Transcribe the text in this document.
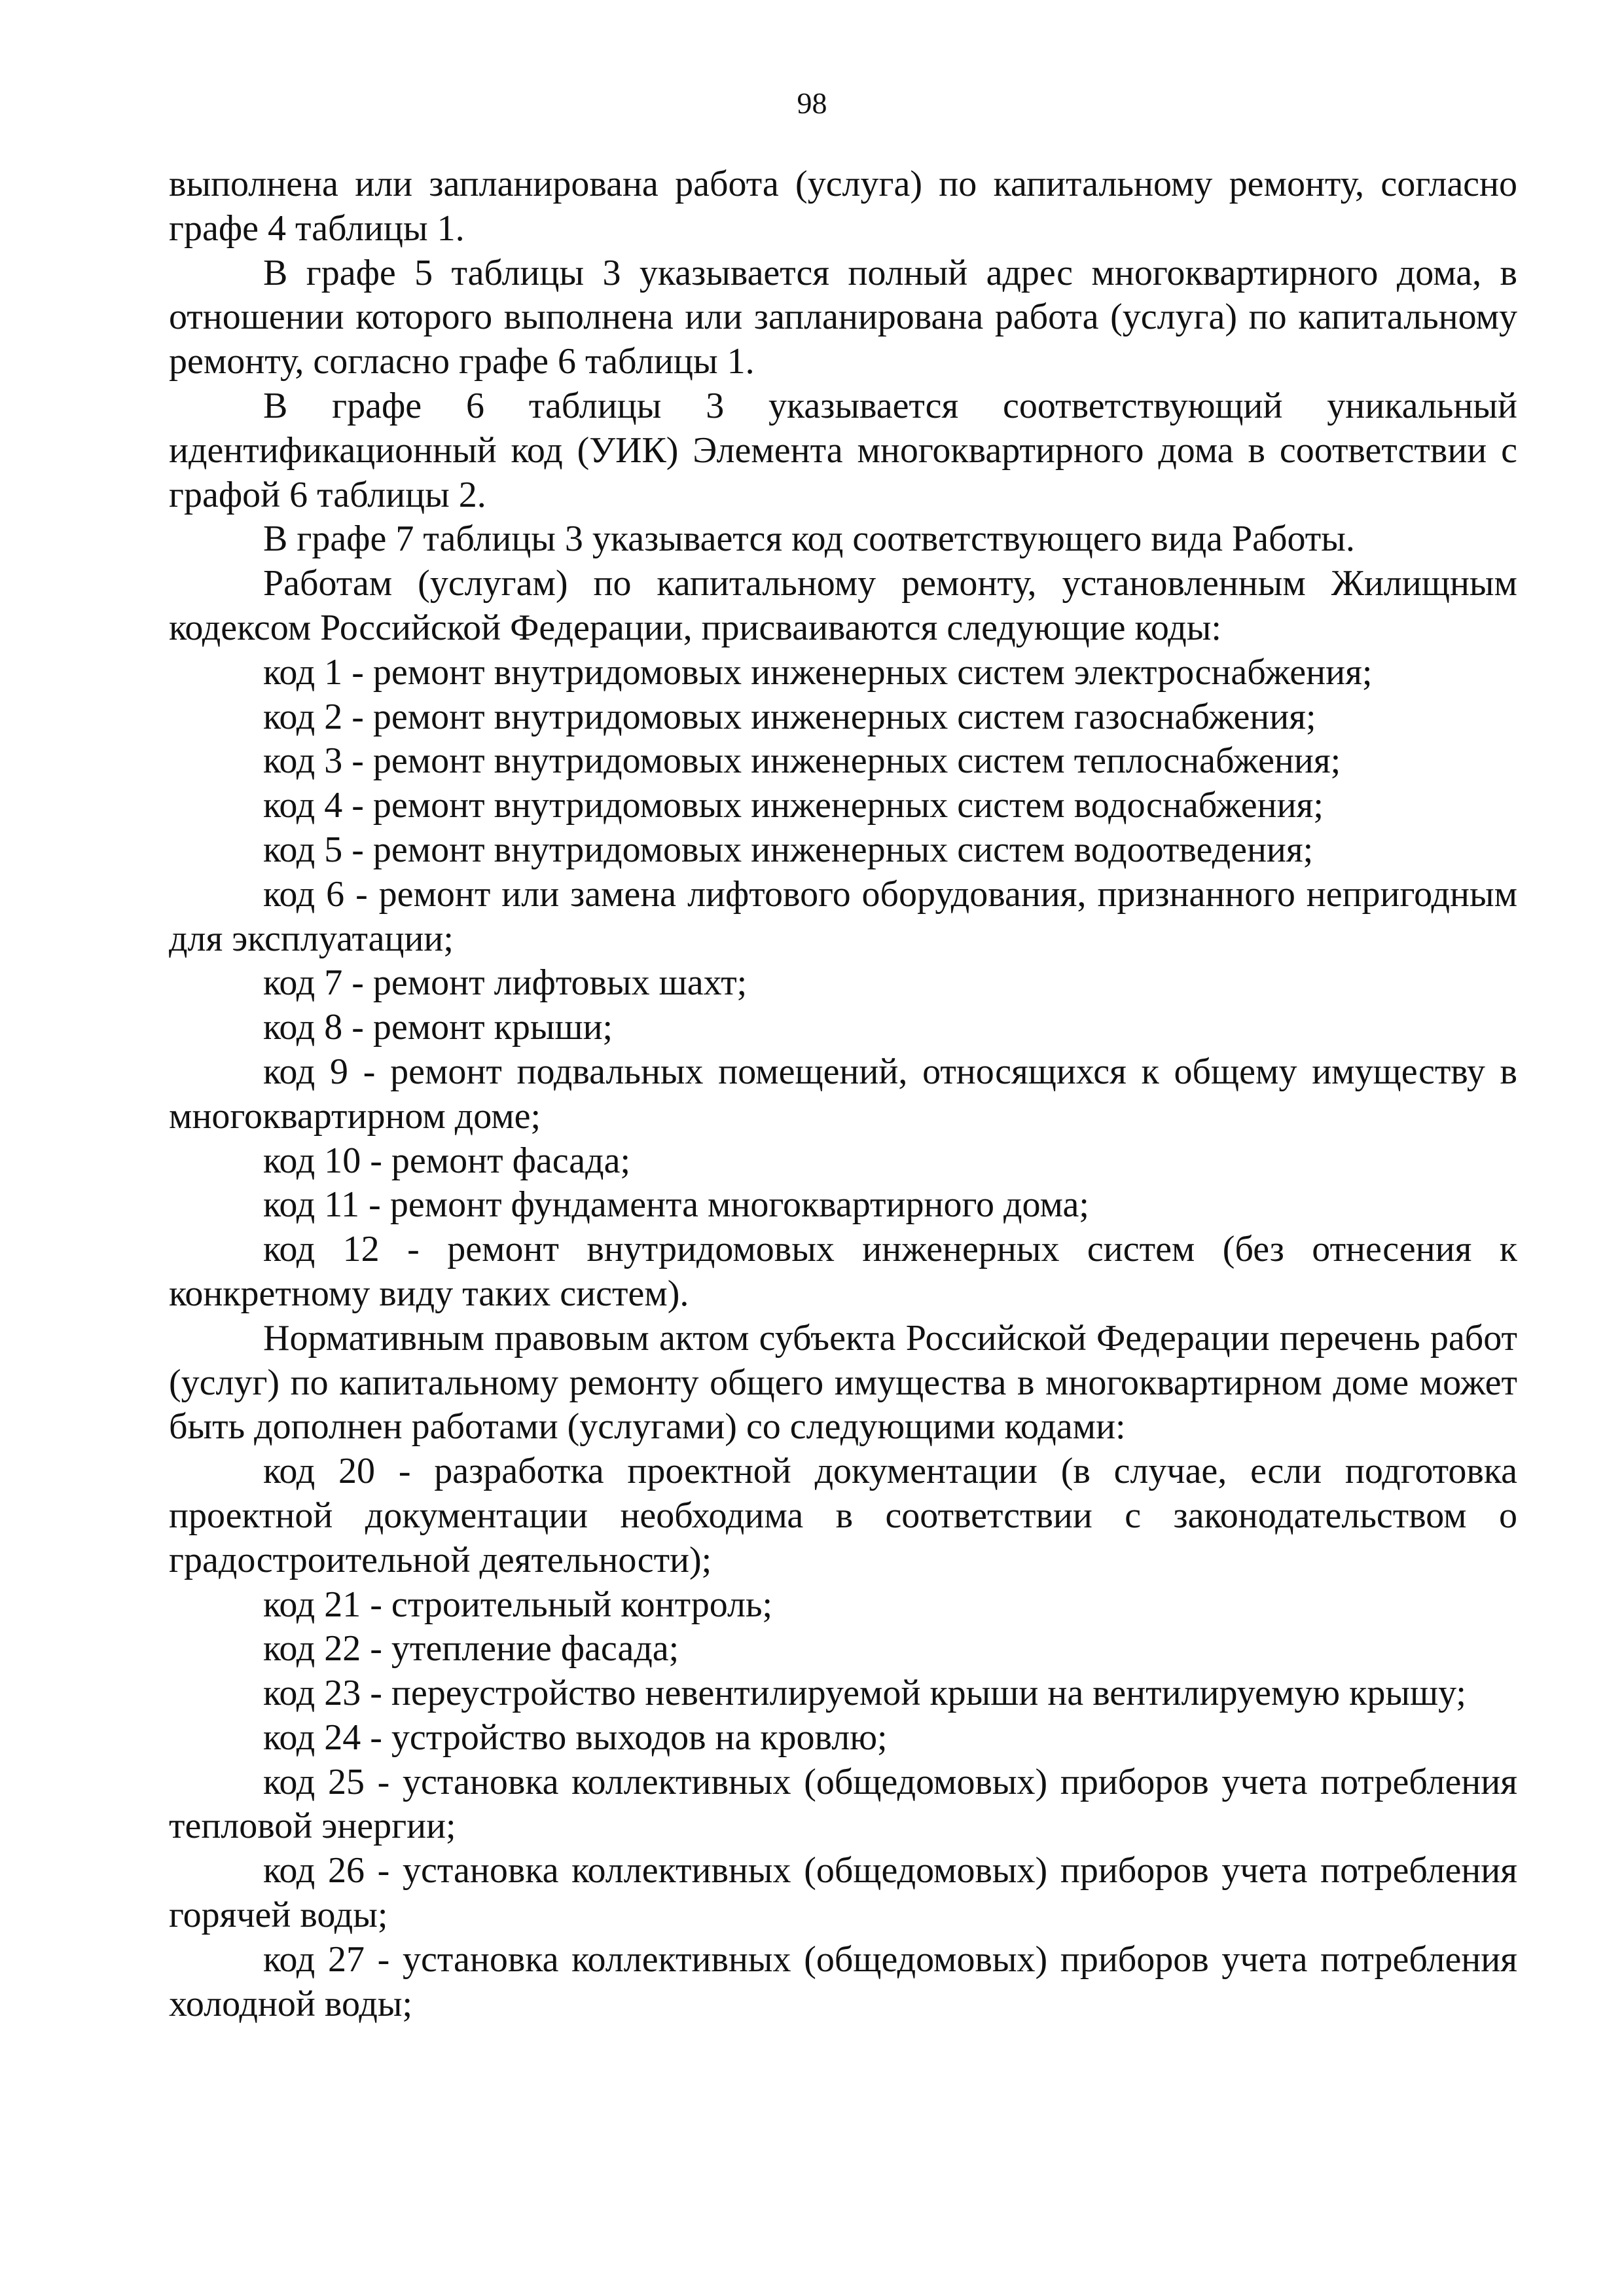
98

выполнена или запланирована работа (услуга) по капитальному ремонту, согласно графе 4 таблицы 1.

В графе 5 таблицы 3 указывается полный адрес многоквартирного дома, в отношении которого выполнена или запланирована работа (услуга) по капитальному ремонту, согласно графе 6 таблицы 1.

В графе 6 таблицы 3 указывается соответствующий уникальный идентификационный код (УИК) Элемента многоквартирного дома в соответствии с графой 6 таблицы 2.

В графе 7 таблицы 3 указывается код соответствующего вида Работы.

Работам (услугам) по капитальному ремонту, установленным Жилищным кодексом Российской Федерации, присваиваются следующие коды:

код 1 - ремонт внутридомовых инженерных систем электроснабжения;

код 2 - ремонт внутридомовых инженерных систем газоснабжения;

код 3 - ремонт внутридомовых инженерных систем теплоснабжения;

код 4 - ремонт внутридомовых инженерных систем водоснабжения;

код 5 - ремонт внутридомовых инженерных систем водоотведения;

код 6 - ремонт или замена лифтового оборудования, признанного непригодным для эксплуатации;

код 7 - ремонт лифтовых шахт;

код 8 - ремонт крыши;

код 9 - ремонт подвальных помещений, относящихся к общему имуществу в многоквартирном доме;

код 10 - ремонт фасада;

код 11 - ремонт фундамента многоквартирного дома;

код 12 - ремонт внутридомовых инженерных систем (без отнесения к конкретному виду таких систем).

Нормативным правовым актом субъекта Российской Федерации перечень работ (услуг) по капитальному ремонту общего имущества в многоквартирном доме может быть дополнен работами (услугами) со следующими кодами:

код 20 - разработка проектной документации (в случае, если подготовка проектной документации необходима в соответствии с законодательством о градостроительной деятельности);

код 21 - строительный контроль;

код 22 - утепление фасада;

код 23 - переустройство невентилируемой крыши на вентилируемую крышу;

код 24 - устройство выходов на кровлю;

код 25 - установка коллективных (общедомовых) приборов учета потребления тепловой энергии;

код 26 - установка коллективных (общедомовых) приборов учета потребления горячей воды;

код 27 - установка коллективных (общедомовых) приборов учета потребления холодной воды;
